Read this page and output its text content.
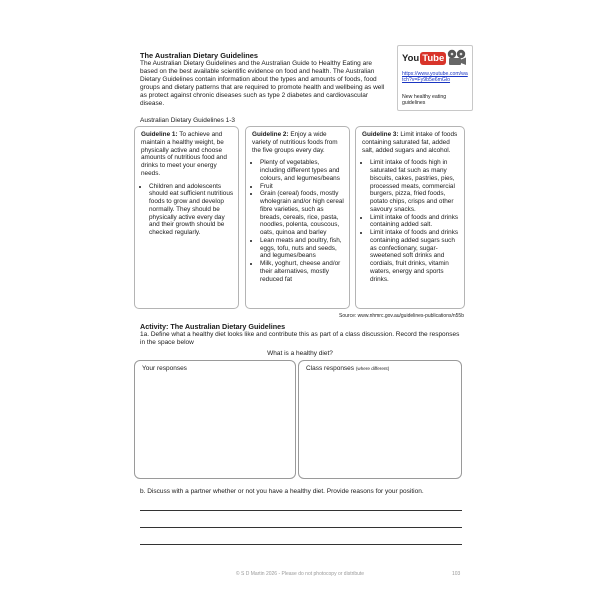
The Australian Dietary Guidelines
The Australian Dietary Guidelines and the Australian Guide to Healthy Eating are based on the best available scientific evidence on food and health. The Australian Dietary Guidelines contain information about the types and amounts of foods, food groups and dietary patterns that are required to promote health and wellbeing as well as protect against chronic diseases such as type 2 diabetes and cardiovascular disease.
You Tube
https://www.youtube.com/watch?v=Fy9b5e6mGlo
New healthy eating guidelines
Australian Dietary Guidelines 1-3
Guideline 1: To achieve and maintain a healthy weight, be physically active and choose amounts of nutritious food and drinks to meet your energy needs.
• Children and adolescents should eat sufficient nutritious foods to grow and develop normally. They should be physically active every day and their growth should be checked regularly.
Guideline 2: Enjoy a wide variety of nutritious foods from the five groups every day.
• Plenty of vegetables, including different types and colours, and legumes/beans
• Fruit
• Grain (cereal) foods, mostly wholegrain and/or high cereal fibre varieties, such as breads, cereals, rice, pasta, noodles, polenta, couscous, oats, quinoa and barley
• Lean meats and poultry, fish, eggs, tofu, nuts and seeds, and legumes/beans
• Milk, yoghurt, cheese and/or their alternatives, mostly reduced fat
Guideline 3: Limit intake of foods containing saturated fat, added salt, added sugars and alcohol.
• Limit intake of foods high in saturated fat such as many biscuits, cakes, pastries, pies, processed meats, commercial burgers, pizza, fried foods, potato chips, crisps and other savoury snacks.
• Limit intake of foods and drinks containing added salt.
• Limit intake of foods and drinks containing added sugars such as confectionary, sugar-sweetened soft drinks and cordials, fruit drinks, vitamin waters, energy and sports drinks.
Source: www.nhmrc.gov.au/guidelines-publications/n55b
Activity: The Australian Dietary Guidelines
1a. Define what a healthy diet looks like and contribute this as part of a class discussion. Record the responses in the space below
What is a healthy diet?
Your responses	Class responses (where different)
b. Discuss with a partner whether or not you have a healthy diet. Provide reasons for your position.
© S D Martin 2026 - Please do not photocopy or distribute	103
